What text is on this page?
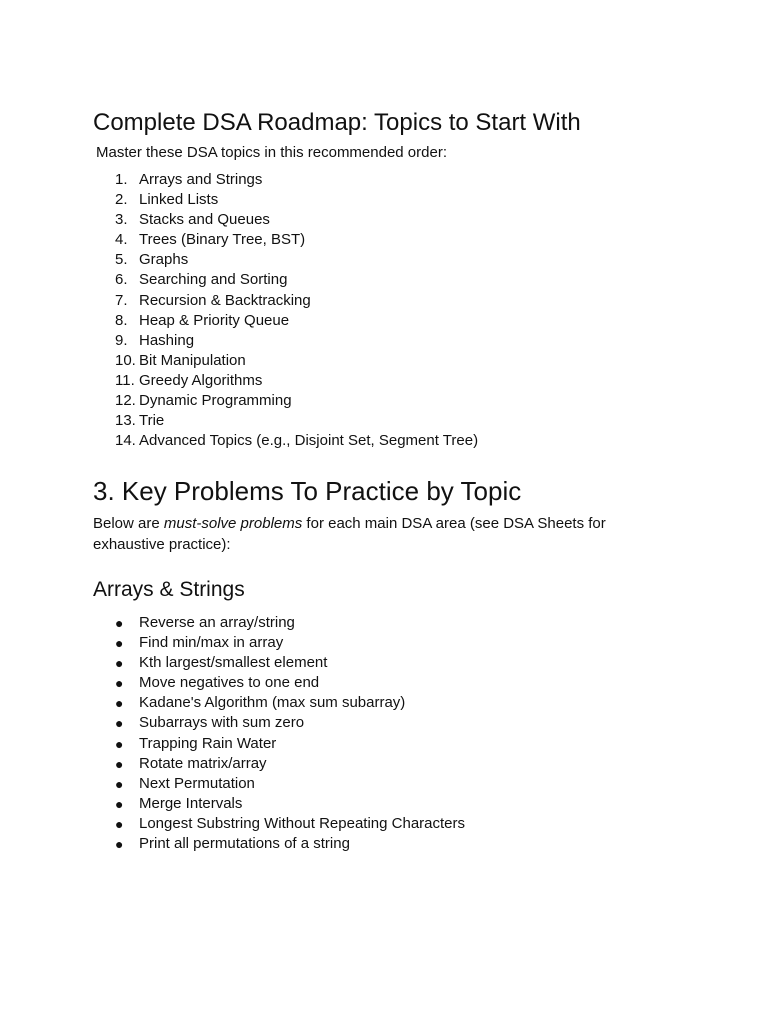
Complete DSA Roadmap: Topics to Start With

Master these DSA topics in this recommended order:

1. Arrays and Strings
2. Linked Lists
3. Stacks and Queues
4. Trees (Binary Tree, BST)
5. Graphs
6. Searching and Sorting
7. Recursion & Backtracking
8. Heap & Priority Queue
9. Hashing
10. Bit Manipulation
11. Greedy Algorithms
12. Dynamic Programming
13. Trie
14. Advanced Topics (e.g., Disjoint Set, Segment Tree)
3. Key Problems To Practice by Topic

Below are must-solve problems for each main DSA area (see DSA Sheets for exhaustive practice):

Arrays & Strings
● Reverse an array/string
● Find min/max in array
● Kth largest/smallest element
● Move negatives to one end
● Kadane's Algorithm (max sum subarray)
● Subarrays with sum zero
● Trapping Rain Water
● Rotate matrix/array
● Next Permutation
● Merge Intervals
● Longest Substring Without Repeating Characters
● Print all permutations of a string
